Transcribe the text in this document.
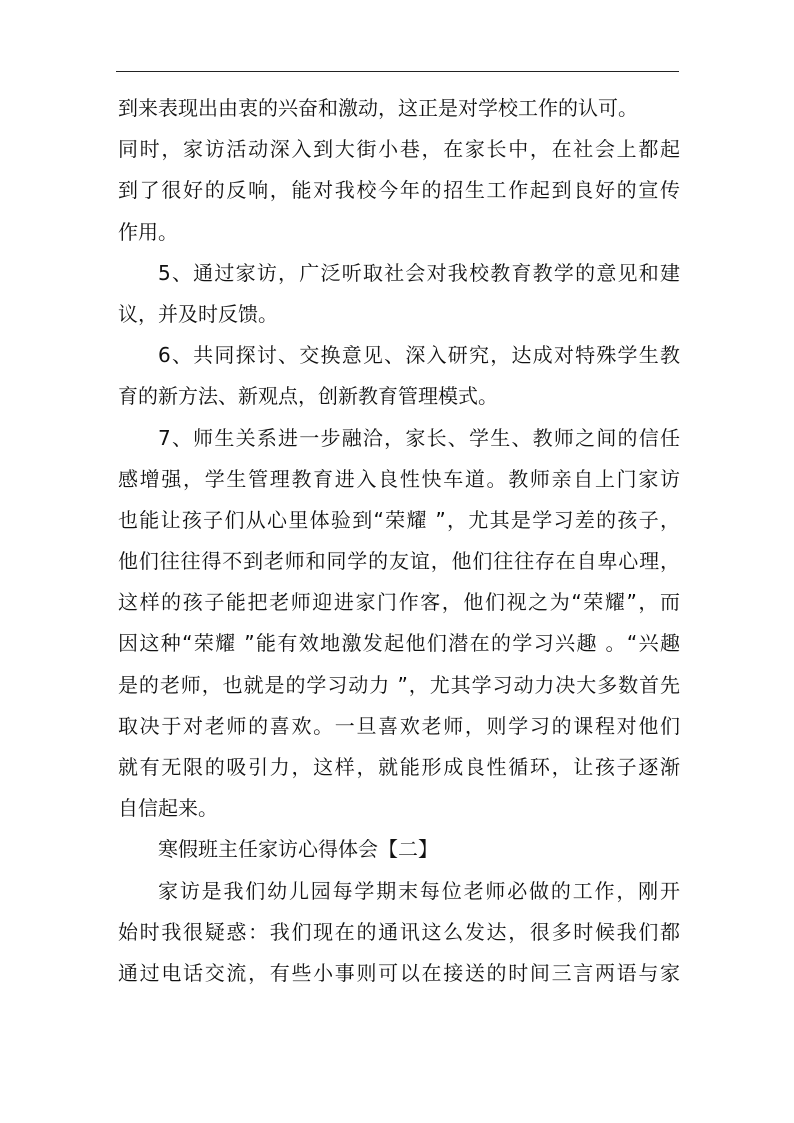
到来表现出由衷的兴奋和激动，这正是对学校工作的认可。
同时，家访活动深入到大街小巷，在家长中，在社会上都起
到了很好的反响，能对我校今年的招生工作起到良好的宣传
作用。
5、通过家访，广泛听取社会对我校教育教学的意见和建
议，并及时反馈。
6、共同探讨、交换意见、深入研究，达成对特殊学生教
育的新方法、新观点，创新教育管理模式。
7、师生关系进一步融洽，家长、学生、教师之间的信任
感增强，学生管理教育进入良性快车道。教师亲自上门家访
也能让孩子们从心里体验到“荣耀 ”，尤其是学习差的孩子，
他们往往得不到老师和同学的友谊，他们往往存在自卑心理，
这样的孩子能把老师迎进家门作客，他们视之为“荣耀”，而
因这种“荣耀 ”能有效地激发起他们潜在的学习兴趣 。“兴趣
是的老师，也就是的学习动力 ”，尤其学习动力决大多数首先
取决于对老师的喜欢。一旦喜欢老师，则学习的课程对他们
就有无限的吸引力，这样，就能形成良性循环，让孩子逐渐
自信起来。
寒假班主任家访心得体会【二】
家访是我们幼儿园每学期末每位老师必做的工作，刚开
始时我很疑惑：我们现在的通讯这么发达，很多时候我们都
通过电话交流，有些小事则可以在接送的时间三言两语与家
